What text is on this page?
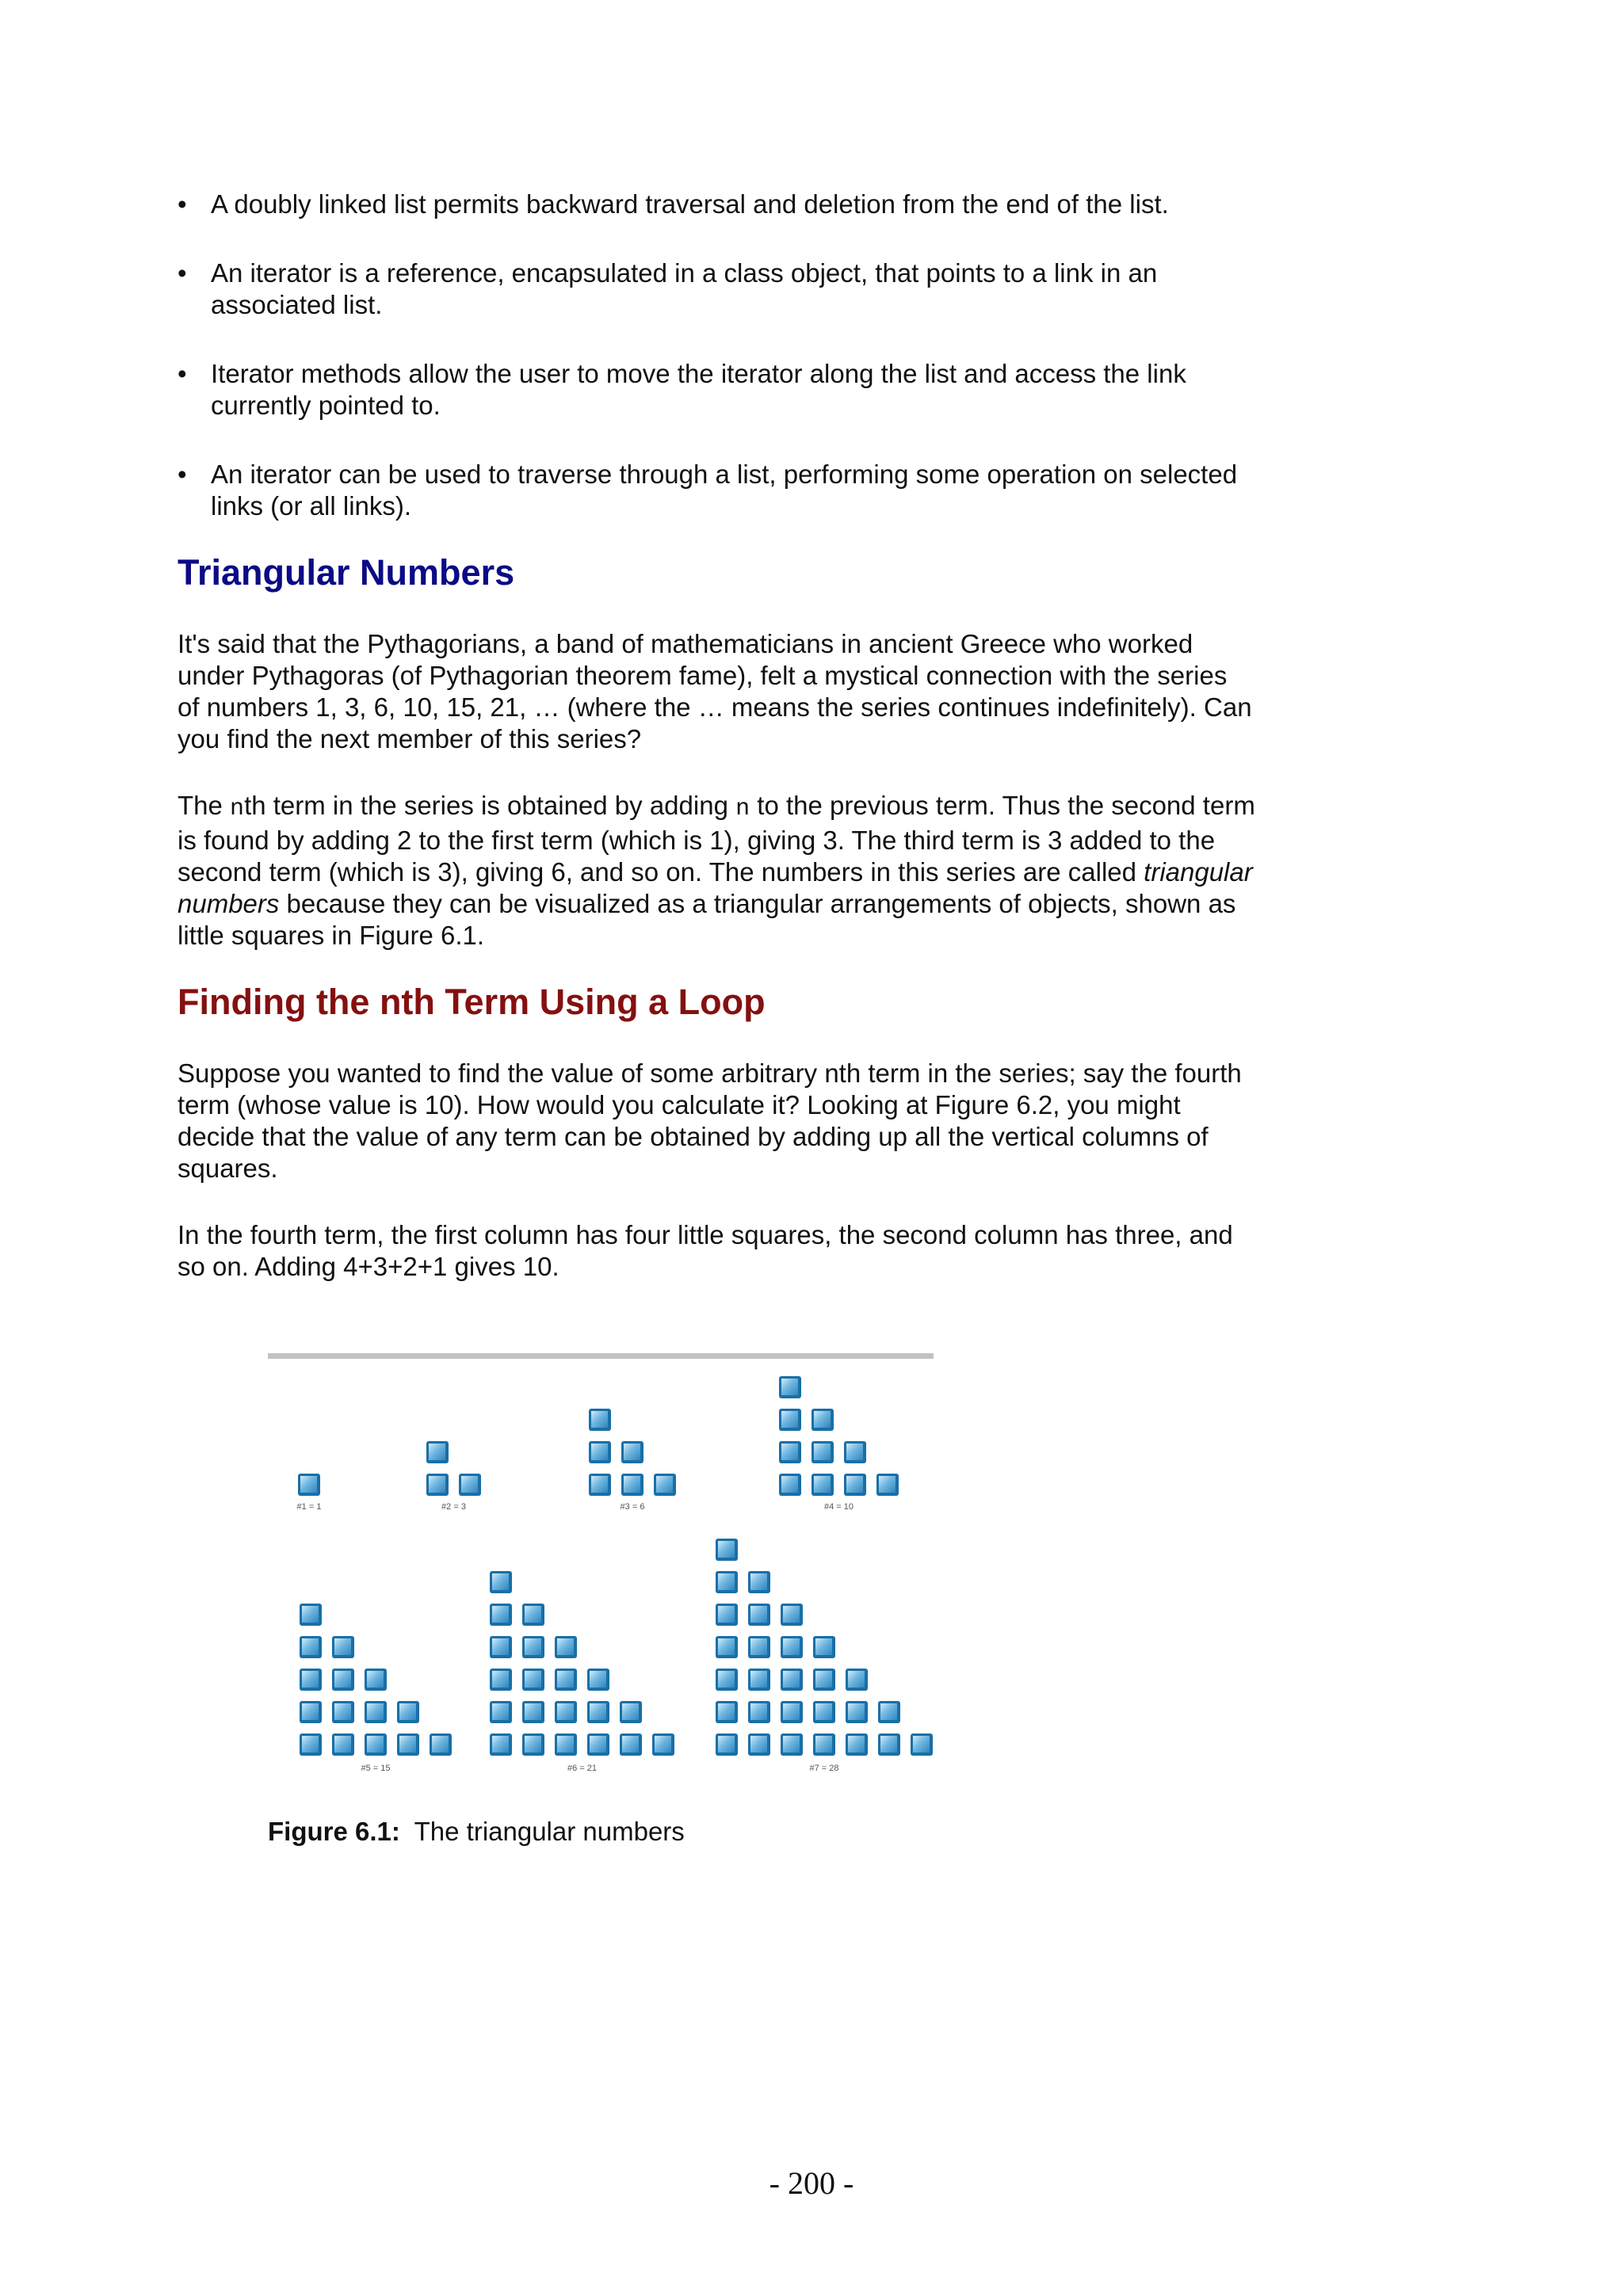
• A doubly linked list permits backward traversal and deletion from the end of the list.
• An iterator is a reference, encapsulated in a class object, that points to a link in an associated list.
• Iterator methods allow the user to move the iterator along the list and access the link currently pointed to.
• An iterator can be used to traverse through a list, performing some operation on selected links (or all links).
Triangular Numbers

It's said that the Pythagorians, a band of mathematicians in ancient Greece who worked under Pythagoras (of Pythagorian theorem fame), felt a mystical connection with the series of numbers 1, 3, 6, 10, 15, 21, … (where the … means the series continues indefinitely). Can you find the next member of this series?

The nth term in the series is obtained by adding n to the previous term. Thus the second term is found by adding 2 to the first term (which is 1), giving 3. The third term is 3 added to the second term (which is 3), giving 6, and so on. The numbers in this series are called triangular numbers because they can be visualized as a triangular arrangements of objects, shown as little squares in Figure 6.1.

Finding the nth Term Using a Loop

Suppose you wanted to find the value of some arbitrary nth term in the series; say the fourth term (whose value is 10). How would you calculate it? Looking at Figure 6.2, you might decide that the value of any term can be obtained by adding up all the vertical columns of squares.

In the fourth term, the first column has four little squares, the second column has three, and so on. Adding 4+3+2+1 gives 10.

#1 = 1	#2 = 3	#3 = 6	#4 = 10
#5 = 15	#6 = 21	#7 = 28
Figure 6.1: The triangular numbers
- 200 -
